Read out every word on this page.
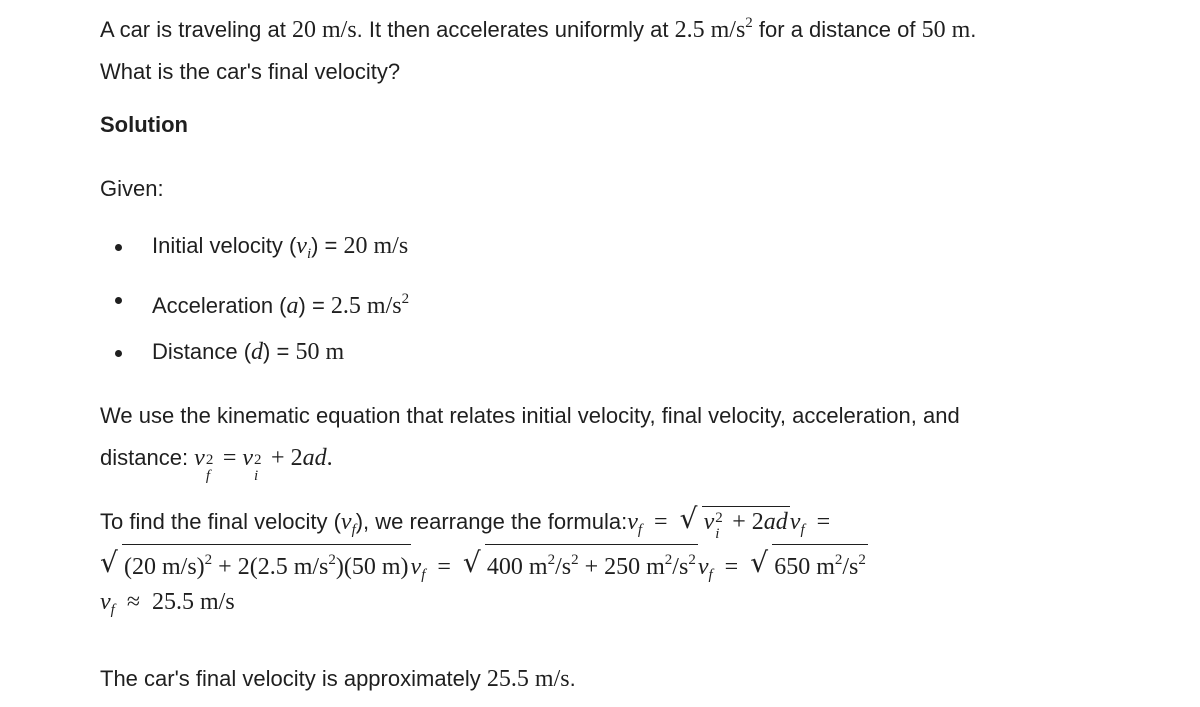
A car is traveling at 20 m/s. It then accelerates uniformly at 2.5 $m/s^2$ for a distance of 50 m.
What is the car's final velocity?

Solution

Given:

Initial velocity $(v_i) = 20$ m/s
Acceleration (a) = 2.5 $m/s^2$
Distance (d) = 50 m

We use the kinematic equation that relates initial velocity, final velocity, acceleration, and
distance: v 2
f
= v 2
i
+ 2ad.

To find the final velocity $(v_f)$, we rearrange the $formula:v_f$  = √ v 2
i + 2adv$_f$  =
√ (20 m/s)$^2$ + 2(2.5 $m/s^2)(50$ $m)v_f$  = √ 400 $m^2/s^2 + 250$ $m^2/s^2v_f$  = √ 650 $m^2/s^2$
$v_f \approx 25.5$ m/s

The car's final velocity is approximately 25.5 m/s.
